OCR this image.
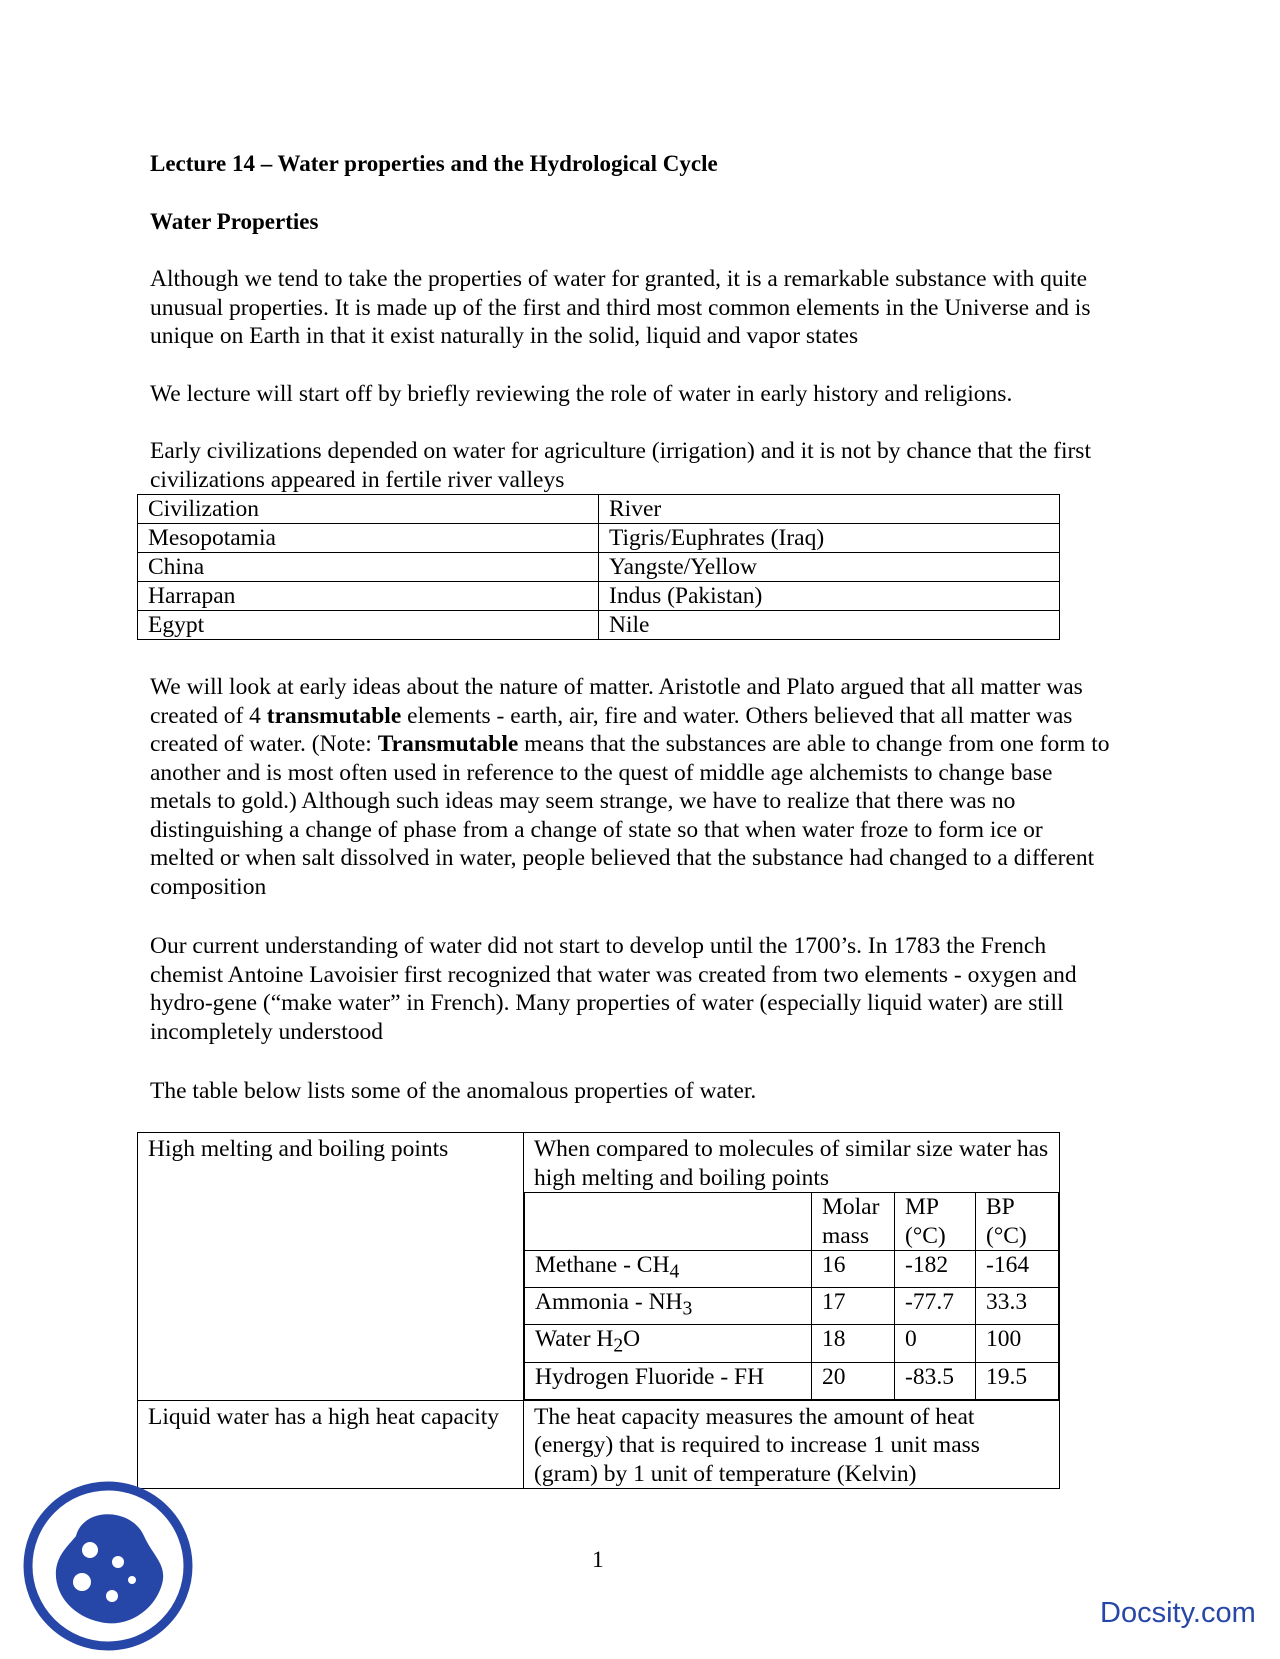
Lecture 14 – Water properties and the Hydrological Cycle

Water Properties

Although we tend to take the properties of water for granted, it is a remarkable substance with quite unusual properties. It is made up of the first and third most common elements in the Universe and is unique on Earth in that it exist naturally in the solid, liquid and vapor states

We lecture will start off by briefly reviewing the role of water in early history and religions.

Early civilizations depended on water for agriculture (irrigation) and it is not by chance that the first civilizations appeared in fertile river valleys

Civilization	River
Mesopotamia	Tigris/Euphrates (Iraq)
China	Yangste/Yellow
Harrapan	Indus (Pakistan)
Egypt	Nile

We will look at early ideas about the nature of matter. Aristotle and Plato argued that all matter was created of 4 transmutable elements - earth, air, fire and water. Others believed that all matter was created of water. (Note: Transmutable means that the substances are able to change from one form to another and is most often used in reference to the quest of middle age alchemists to change base metals to gold.) Although such ideas may seem strange, we have to realize that there was no distinguishing a change of phase from a change of state so that when water froze to form ice or melted or when salt dissolved in water, people believed that the substance had changed to a different composition

Our current understanding of water did not start to develop until the 1700’s. In 1783 the French chemist Antoine Lavoisier first recognized that water was created from two elements - oxygen and hydro-gene (“make water” in French). Many properties of water (especially liquid water) are still incompletely understood

The table below lists some of the anomalous properties of water.

High melting and boiling points	When compared to molecules of similar size water has high melting and boiling points
	Molar mass	MP (°C)	BP (°C)
Methane - $CH_4$	16	-182	-164
Ammonia - $NH_3$	17	-77.7	33.3
Water $H_2O$	18	0	100
Hydrogen Fluoride - FH	20	-83.5	19.5

Liquid water has a high heat capacity	The heat capacity measures the amount of heat (energy) that is required to increase 1 unit mass (gram) by 1 unit of temperature (Kelvin)
1
Docsity.com
